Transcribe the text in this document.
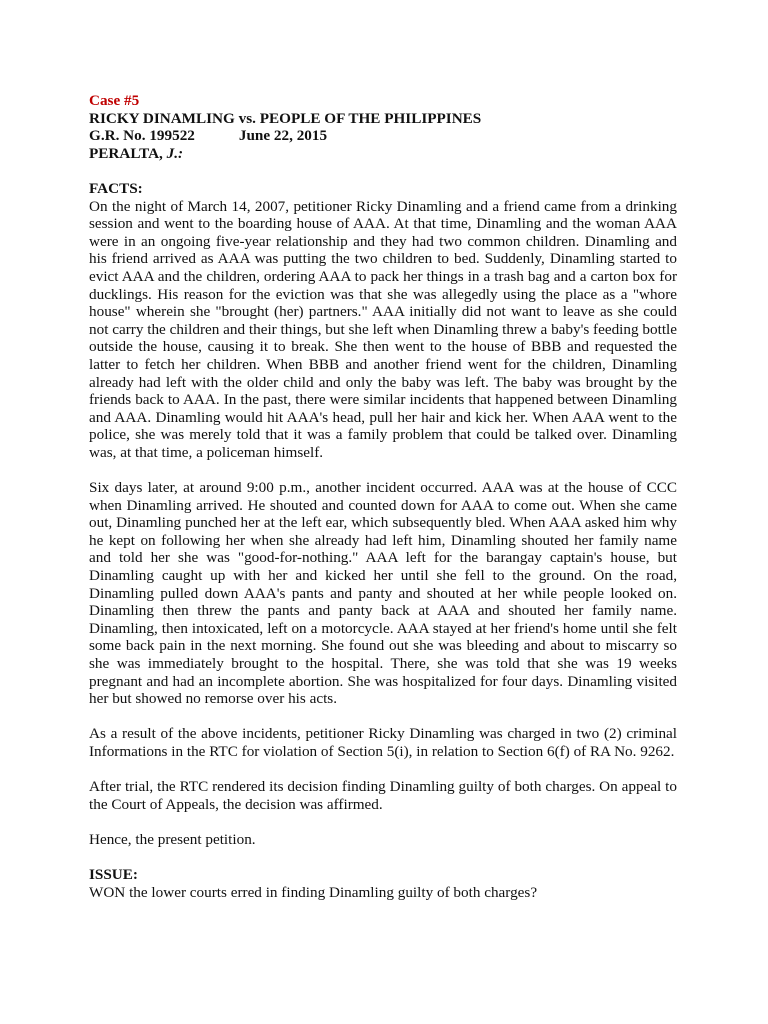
Case #5
RICKY DINAMLING vs. PEOPLE OF THE PHILIPPINES
G.R. No. 199522	June 22, 2015
PERALTA, J.:
FACTS:

On the night of March 14, 2007, petitioner Ricky Dinamling and a friend came from a drinking session and went to the boarding house of AAA. At that time, Dinamling and the woman AAA were in an ongoing five-year relationship and they had two common children. Dinamling and his friend arrived as AAA was putting the two children to bed. Suddenly, Dinamling started to evict AAA and the children, ordering AAA to pack her things in a trash bag and a carton box for ducklings. His reason for the eviction was that she was allegedly using the place as a "whore house" wherein she "brought (her) partners." AAA initially did not want to leave as she could not carry the children and their things, but she left when Dinamling threw a baby's feeding bottle outside the house, causing it to break. She then went to the house of BBB and requested the latter to fetch her children. When BBB and another friend went for the children, Dinamling already had left with the older child and only the baby was left. The baby was brought by the friends back to AAA. In the past, there were similar incidents that happened between Dinamling and AAA. Dinamling would hit AAA's head, pull her hair and kick her. When AAA went to the police, she was merely told that it was a family problem that could be talked over. Dinamling was, at that time, a policeman himself.

Six days later, at around 9:00 p.m., another incident occurred. AAA was at the house of CCC when Dinamling arrived. He shouted and counted down for AAA to come out. When she came out, Dinamling punched her at the left ear, which subsequently bled. When AAA asked him why he kept on following her when she already had left him, Dinamling shouted her family name and told her she was "good-for-nothing." AAA left for the barangay captain's house, but Dinamling caught up with her and kicked her until she fell to the ground. On the road, Dinamling pulled down AAA's pants and panty and shouted at her while people looked on. Dinamling then threw the pants and panty back at AAA and shouted her family name. Dinamling, then intoxicated, left on a motorcycle. AAA stayed at her friend's home until she felt some back pain in the next morning. She found out she was bleeding and about to miscarry so she was immediately brought to the hospital. There, she was told that she was 19 weeks pregnant and had an incomplete abortion. She was hospitalized for four days. Dinamling visited her but showed no remorse over his acts.

As a result of the above incidents, petitioner Ricky Dinamling was charged in two (2) criminal Informations in the RTC for violation of Section 5(i), in relation to Section 6(f) of RA No. 9262.

After trial, the RTC rendered its decision finding Dinamling guilty of both charges. On appeal to the Court of Appeals, the decision was affirmed.

Hence, the present petition.

ISSUE:

WON the lower courts erred in finding Dinamling guilty of both charges?
